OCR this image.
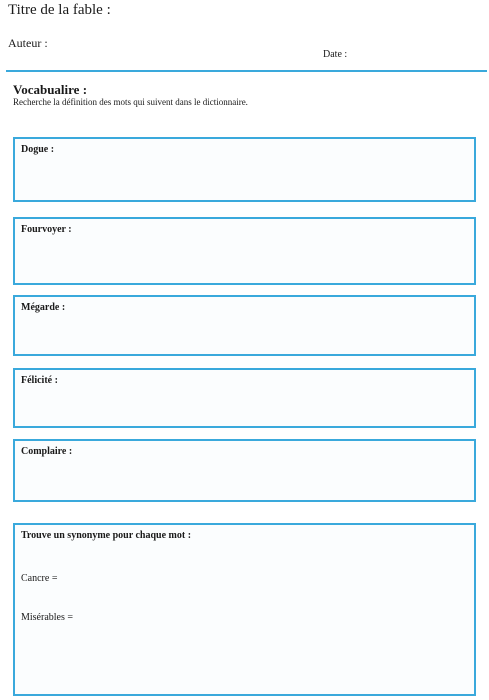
Titre de la fable :
Auteur :
Date :
Vocabualire :
Recherche la définition des mots qui suivent dans le dictionnaire.
Dogue :
Fourvoyer :
Mégarde :
Félicité :
Complaire :
Trouve un synonyme pour chaque mot :
Cancre =
Misérables =
